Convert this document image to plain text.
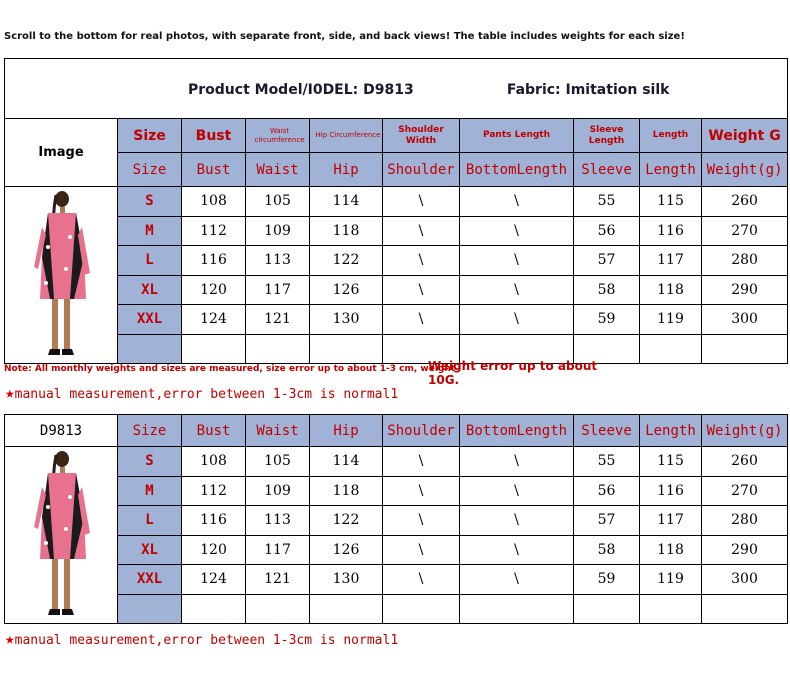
Scroll to the bottom for real photos, with separate front, side, and back views! The table includes weights for each size!
Product Model/I0DEL: D9813 Fabric: Imitation silk									
Image	Size	Bust	Waist circumference	Hip Circumference	Shoulder Width	Pants Length	Sleeve Length	Length	Weight G
	Size	Bust	Waist	Hip	Shoulder	BottomLength	Sleeve	Length	Weight(g)
	S	108	105	114	\	\	55	115	260
	M	112	109	118	\	\	56	116	270
	L	116	113	122	\	\	57	117	280
	XL	120	117	126	\	\	58	118	290
	XXL	124	121	130	\	\	59	119	300

Note: All monthly weights and sizes are measured, size error up to about 1-3 cm, weight
Weight error up to about 10G.
★manual measurement,error between 1-3cm is normal1
D9813	Size	Bust	Waist	Hip	Shoulder	BottomLength	Sleeve	Length	Weight(g)
	S	108	105	114	\	\	55	115	260
	M	112	109	118	\	\	56	116	270
	L	116	113	122	\	\	57	117	280
	XL	120	117	126	\	\	58	118	290
	XXL	124	121	130	\	\	59	119	300

★manual measurement,error between 1-3cm is normal1
